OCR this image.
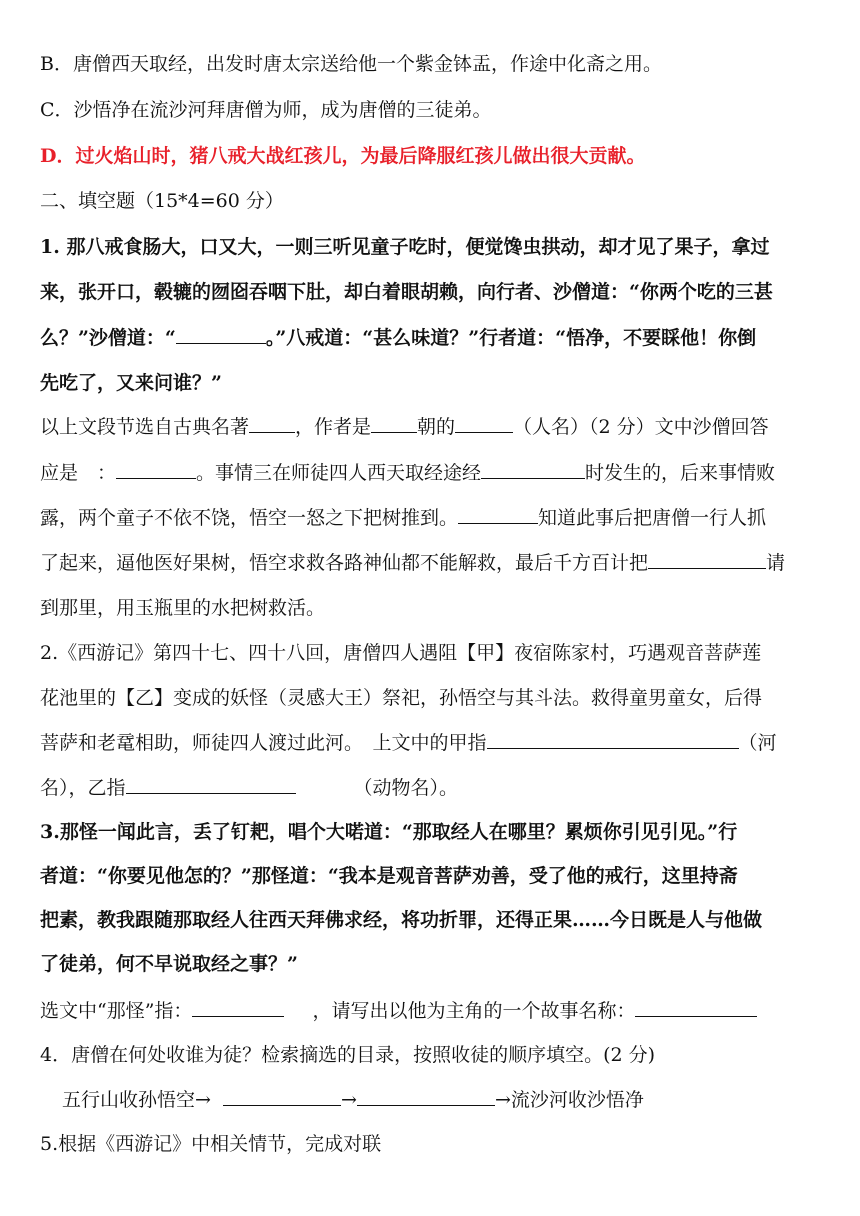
B．唐僧西天取经，出发时唐太宗送给他一个紫金钵盂，作途中化斋之用。
C．沙悟净在流沙河拜唐僧为师，成为唐僧的三徒弟。
D．过火焰山时，猪八戒大战红孩儿，为最后降服红孩儿做出很大贡献。
二、填空题（15*4=60 分）
1. 那八戒食肠大，口又大，一则三听见童子吃时，便觉馋虫拱动，却才见了果子，拿过
来，张开口，毂辘的囫囵吞咽下肚，却白着眼胡赖，向行者、沙僧道：“你两个吃的三甚
么？”沙僧道：“	。”八戒道：“甚么味道？”行者道：“悟净，不要睬他！你倒
先吃了，又来问谁？”
以上文段节选自古典名著 ，作者是 朝的	（人名）（2 分）文中沙僧回答
应是　：	。事情三在师徒四人西天取经途经	时发生的，后来事情败
露，两个童子不依不饶，悟空一怒之下把树推到。	知道此事后把唐僧一行人抓
了起来，逼他医好果树，悟空求救各路神仙都不能解救，最后千方百计把	请
到那里，用玉瓶里的水把树救活。
2.《西游记》第四十七、四十八回，唐僧四人遇阻【甲】夜宿陈家村，巧遇观音菩萨莲
花池里的【乙】变成的妖怪（灵感大王）祭祀，孙悟空与其斗法。救得童男童女，后得
菩萨和老鼋相助，师徒四人渡过此河。　上文中的甲指	（河
名），乙指	（动物名）。
3.那怪一闻此言，丢了钉耙，唱个大喏道：“那取经人在哪里？累烦你引见引见。”行
者道：“你要见他怎的？”那怪道：“我本是观音菩萨劝善，受了他的戒行，这里持斋
把素，教我跟随那取经人往西天拜佛求经，将功折罪，还得正果……今日既是人与他做
了徒弟，何不早说取经之事？”
选文中“那怪”指：	，请写出以他为主角的一个故事名称：
4．唐僧在何处收谁为徒？检索摘选的目录，按照收徒的顺序填空。(2 分)
五行山收孙悟空→	→	→流沙河收沙悟净
5.根据《西游记》中相关情节，完成对联
